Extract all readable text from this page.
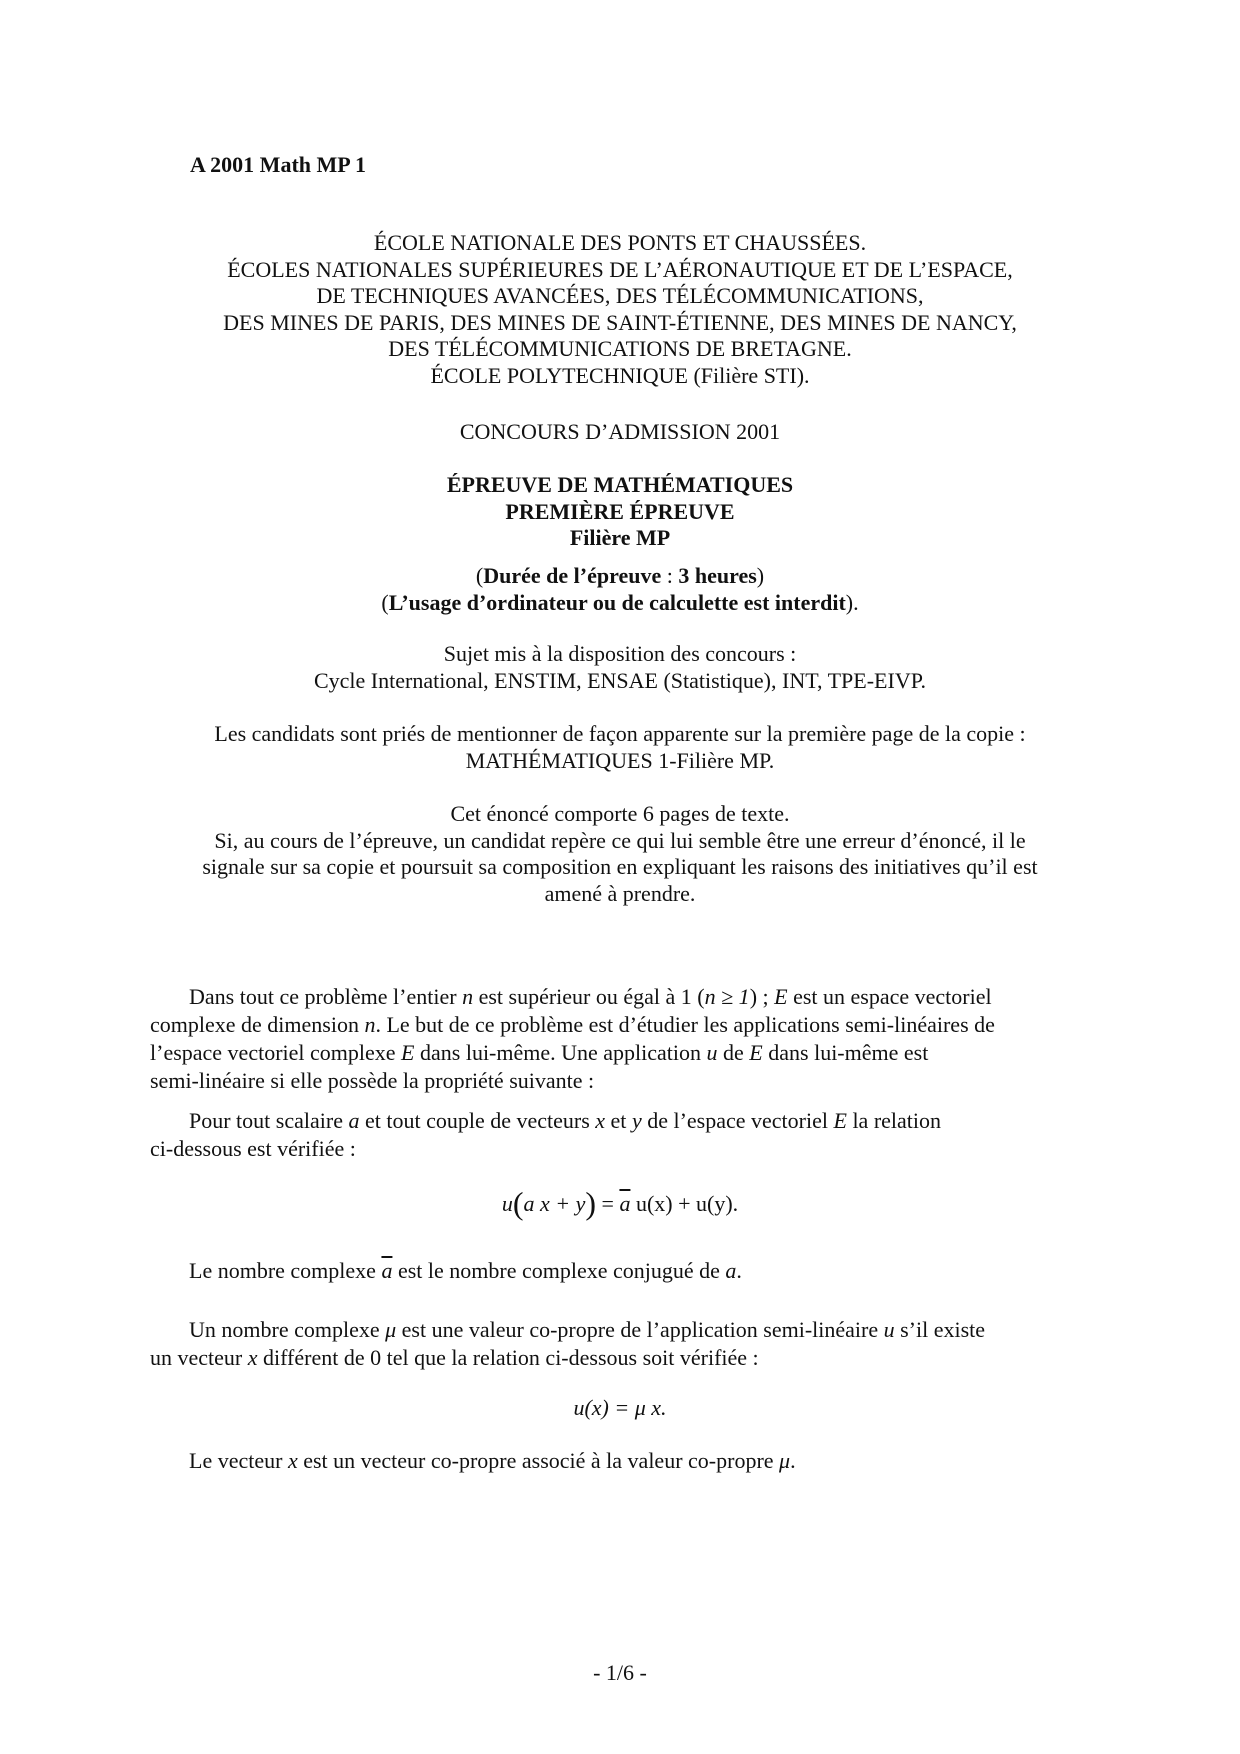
A 2001 Math MP 1
ÉCOLE NATIONALE DES PONTS ET CHAUSSÉES.
ÉCOLES NATIONALES SUPÉRIEURES DE L’AÉRONAUTIQUE ET DE L’ESPACE,
DE TECHNIQUES AVANCÉES, DES TÉLÉCOMMUNICATIONS,
DES MINES DE PARIS, DES MINES DE SAINT-ÉTIENNE, DES MINES DE NANCY,
DES TÉLÉCOMMUNICATIONS DE BRETAGNE.
ÉCOLE POLYTECHNIQUE (Filière STI).
CONCOURS D’ADMISSION 2001
ÉPREUVE DE MATHÉMATIQUES
PREMIÈRE ÉPREUVE
Filière MP
(Durée de l’épreuve : 3 heures)
(L’usage d’ordinateur ou de calculette est interdit).
Sujet mis à la disposition des concours :
Cycle International, ENSTIM, ENSAE (Statistique), INT, TPE-EIVP.
Les candidats sont priés de mentionner de façon apparente sur la première page de la copie :
MATHÉMATIQUES 1-Filière MP.
Cet énoncé comporte 6 pages de texte.
Si, au cours de l’épreuve, un candidat repère ce qui lui semble être une erreur d’énoncé, il le
signale sur sa copie et poursuit sa composition en expliquant les raisons des initiatives qu’il est
amené à prendre.
Dans tout ce problème l’entier n est supérieur ou égal à 1 (n ≥ 1) ; E est un espace vectoriel
complexe de dimension n. Le but de ce problème est d’étudier les applications semi-linéaires de
l’espace vectoriel complexe E dans lui-même. Une application u de E dans lui-même est
semi-linéaire si elle possède la propriété suivante :
Pour tout scalaire a et tout couple de vecteurs x et y de l’espace vectoriel E la relation
ci-dessous est vérifiée :
u(a $x + y) = \overline{a}$ u(x) + u(y).
Le nombre complexe $\overline{a}$ est le nombre complexe conjugué de a.
Un nombre complexe μ est une valeur co-propre de l’application semi-linéaire u s’il existe
un vecteur x différent de 0 tel que la relation ci-dessous soit vérifiée :
u(x) = μ x.
Le vecteur x est un vecteur co-propre associé à la valeur co-propre μ.
- 1/6 -
